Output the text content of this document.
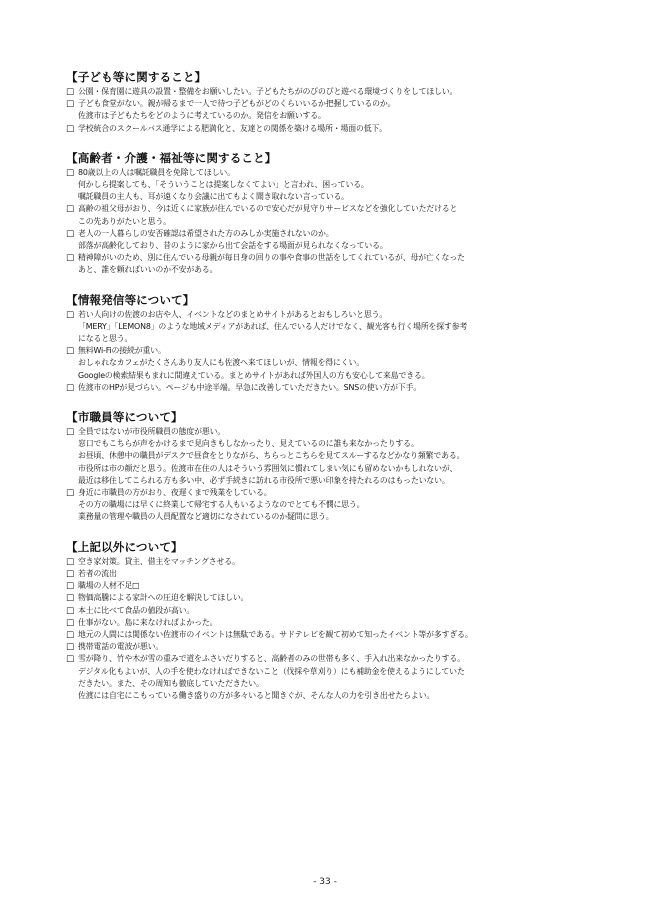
【子ども等に関すること】
□ 公園・保育園に遊具の設置・整備をお願いしたい。子どもたちがのびのびと遊べる環境づくりをしてほしい。
□ 子ども食堂がない。親が帰るまで一人で待つ子どもがどのくらいいるか把握しているのか。
佐渡市は子どもたちをどのように考えているのか。発信をお願いする。
□ 学校統合のスクールバス通学による肥満化と、友達との関係を築ける場所・場面の低下。
【高齢者・介護・福祉等に関すること】
□ 80歳以上の人は嘱託職員を免除してほしい。
何かしら提案しても、「そういうことは提案しなくてよい」と言われ、困っている。
嘱託職員の主人も、耳が遠くなり会議に出てもよく聞き取れない言っている。
□ 高齢の祖父母がおり、今は近くに家族が住んでいるので安心だが見守りサービスなどを強化していただけると
この先ありがたいと思う。
□ 老人の一人暮らしの安否確認は希望された方のみしか実施されないのか。
部落が高齢化しており、昔のように家から出て会話をする場面が見られなくなっている。
□ 精神障がいのため、別に住んでいる母親が毎日身の回りの事や食事の世話をしてくれているが、母が亡くなった
あと、誰を頼ればいいのか不安がある。
【情報発信等について】
□ 若い人向けの佐渡のお店や人、イベントなどのまとめサイトがあるとおもしろいと思う。
「MERY」「LEMON8」のような地域メディアがあれば、住んでいる人だけでなく、観光客も行く場所を探す参考
になると思う。
□ 無料Wi-Fiの接続が重い。
おしゃれなカフェがたくさんあり友人にも佐渡へ来てほしいが、情報を得にくい。
Googleの検索結果もまれに間違えている。まとめサイトがあれば外国人の方も安心して来島できる。
□ 佐渡市のHPが見づらい。ページも中途半端。早急に改善していただきたい。SNSの使い方が下手。
【市職員等について】
□ 全員ではないが市役所職員の態度が悪い。
窓口でもこちらが声をかけるまで見向きもしなかったり、見えているのに誰も来なかったりする。
お昼頃、休憩中の職員がデスクで昼食をとりながら、ちらっとこちらを見てスルーするなどかなり頻繁である。
市役所は市の顔だと思う。佐渡市在住の人はそういう雰囲気に慣れてしまい気にも留めないかもしれないが、
最近は移住してこられる方も多い中、必ず手続きに訪れる市役所で悪い印象を持たれるのはもったいない。
□ 身近に市職員の方がおり、夜遅くまで残業をしている。
その方の職場には早くに終業して帰宅する人もいるようなのでとても不憫に思う。
業務量の管理や職員の人員配置など適切になされているのか疑問に思う。
【上記以外について】
□ 空き家対策。貸主、借主をマッチングさせる。
□ 若者の流出
□ 職場の人材不足□
□ 物価高騰による家計への圧迫を解決してほしい。
□ 本土に比べて食品の値段が高い。
□ 仕事がない。島に来なければよかった。
□ 地元の人間には関係ない佐渡市のイベントは無駄である。サドテレビを観て初めて知ったイベント等が多すぎる。
□ 携帯電話の電波が悪い。
□ 雪が降り、竹や木が雪の重みで道をふさいだりすると、高齢者のみの世帯も多く、手入れ出来なかったりする。
デジタル化もよいが、人の手を使わなければできないこと（伐採や草刈り）にも補助金を使えるようにしていた
だきたい。また、その周知も徹底していただきたい。
佐渡には自宅にこもっている働き盛りの方が多々いると聞きぐが、そんな人の力を引き出せたらよい。
- 33 -
